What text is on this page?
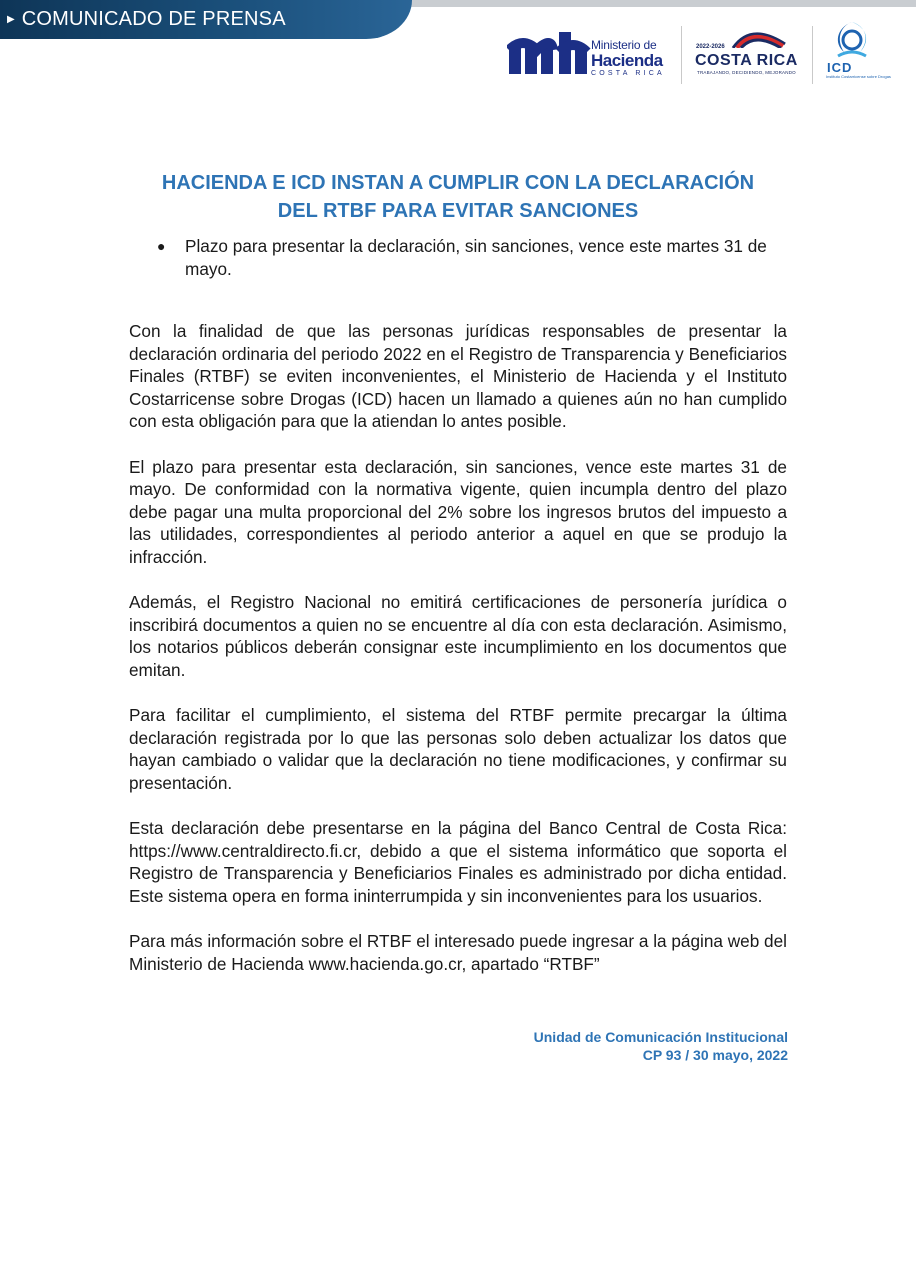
▶ COMUNICADO DE PRENSA
Ministerio de
Hacienda
COSTA RICA
2022-2026
COSTA RICA
TRABAJANDO, DECIDIENDO, MEJORANDO ICD
Instituto Costarricense sobre Drogas
HACIENDA E ICD INSTAN A CUMPLIR CON LA DECLARACIÓN
DEL RTBF PARA EVITAR SANCIONES
●	Plazo para presentar la declaración, sin sanciones, vence este martes 31 de mayo.

Con la finalidad de que las personas jurídicas responsables de presentar la declaración ordinaria del periodo 2022 en el Registro de Transparencia y Beneficiarios Finales (RTBF) se eviten inconvenientes, el Ministerio de Hacienda y el Instituto Costarricense sobre Drogas (ICD) hacen un llamado a quienes aún no han cumplido con esta obligación para que la atiendan lo antes posible.

El plazo para presentar esta declaración, sin sanciones, vence este martes 31 de mayo. De conformidad con la normativa vigente, quien incumpla dentro del plazo debe pagar una multa proporcional del 2% sobre los ingresos brutos del impuesto a las utilidades, correspondientes al periodo anterior a aquel en que se produjo la infracción.

Además, el Registro Nacional no emitirá certificaciones de personería jurídica o inscribirá documentos a quien no se encuentre al día con esta declaración. Asimismo, los notarios públicos deberán consignar este incumplimiento en los documentos que emitan.

Para facilitar el cumplimiento, el sistema del RTBF permite precargar la última declaración registrada por lo que las personas solo deben actualizar los datos que hayan cambiado o validar que la declaración no tiene modificaciones, y confirmar su presentación.

Esta declaración debe presentarse en la página del Banco Central de Costa Rica: https://www.centraldirecto.fi.cr, debido a que el sistema informático que soporta el Registro de Transparencia y Beneficiarios Finales es administrado por dicha entidad. Este sistema opera en forma ininterrumpida y sin inconvenientes para los usuarios.

Para más información sobre el RTBF el interesado puede ingresar a la página web del Ministerio de Hacienda www.hacienda.go.cr, apartado “RTBF”

Unidad de Comunicación Institucional
CP 93 / 30 mayo, 2022
